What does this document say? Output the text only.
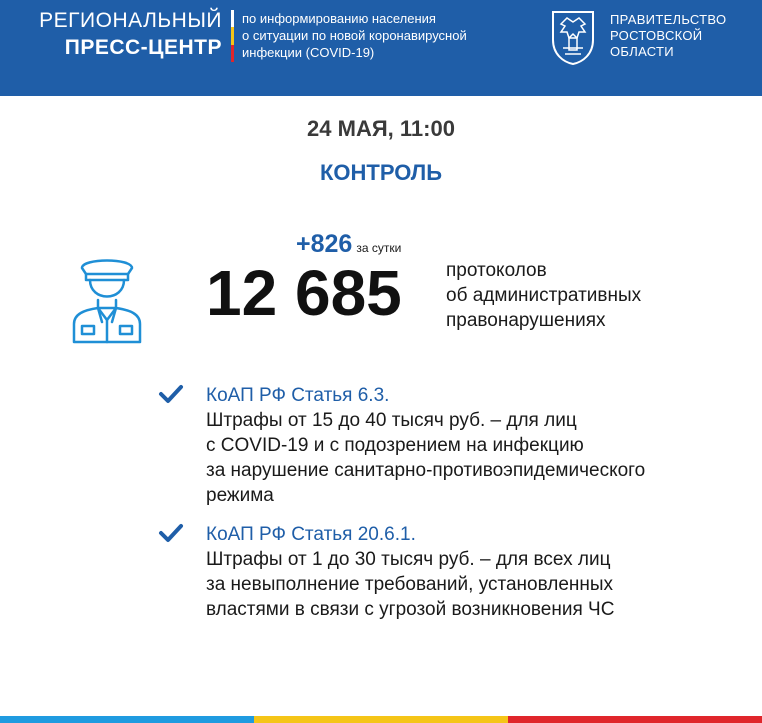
РЕГИОНАЛЬНЫЙ
ПРЕСС-ЦЕНТР
по информированию населения
о ситуации по новой коронавирусной
инфекции (COVID-19)
ПРАВИТЕЛЬСТВО
РОСТОВСКОЙ
ОБЛАСТИ
24 МАЯ, 11:00
КОНТРОЛЬ
+826 за сутки
12 685 протоколов
об административных
правонарушениях
КоАП РФ Статья 6.3.
Штрафы от 15 до 40 тысяч руб. – для лиц
с COVID-19 и с подозрением на инфекцию
за нарушение санитарно-противоэпидемического
режима
КоАП РФ Статья 20.6.1.
Штрафы от 1 до 30 тысяч руб. – для всех лиц
за невыполнение требований, установленных
властями в связи с угрозой возникновения ЧС
